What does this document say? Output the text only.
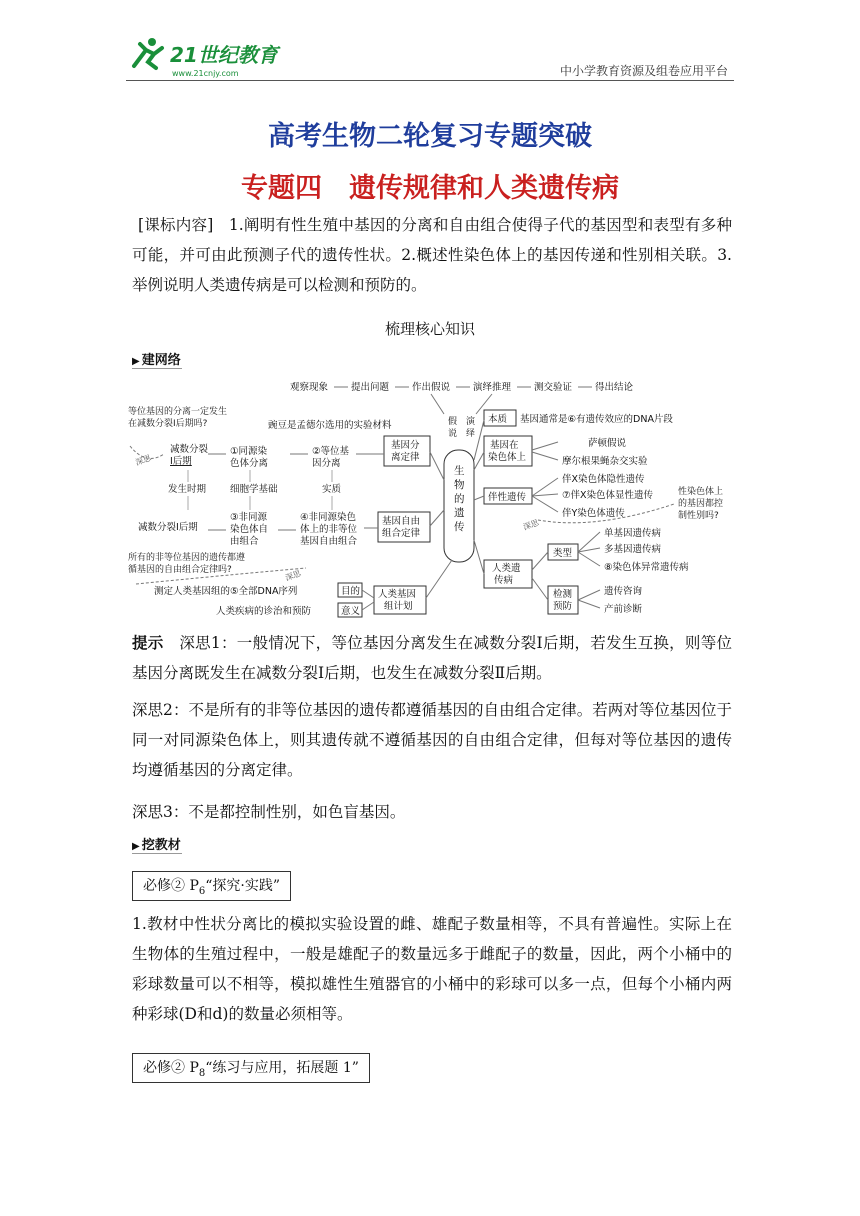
21世纪教育
www.21cnjy.com	中小学教育资源及组卷应用平台
高考生物二轮复习专题突破
专题四　遗传规律和人类遗传病
[课标内容]  1.阐明有性生殖中基因的分离和自由组合使得子代的基因型和表型有多种可能，并可由此预测子代的遗传性状。2.概述性染色体上的基因传递和性别相关联。3.举例说明人类遗传病是可以检测和预防的。
梳理核心知识
▶ 建网络
观察现象 提出问题 作出假说 演绎推理 测交验证 得出结论
生物的遗传
假说
演绎
豌豆是孟德尔选用的实验材料
等位基因的分离一定发生在减数分裂Ⅰ后期吗?
深思
减数分裂 Ⅰ后期
①同源染色体分离
②等位基因分离
基因分离定律
发生时期	细胞学基础	实质
减数分裂Ⅰ后期
③非同源染色体自由组合
④非同源染色体上的非等位基因自由组合
基因自由组合定律
所有的非等位基因的遗传都遵循基因的自由组合定律吗?	深思
测定人类基因组的⑤全部DNA序列	目的
人类疾病的诊治和预防	意义
人类基因组计划
本质 基因通常是⑥有遗传效应的DNA片段
基因在染色体上
萨顿假说
摩尔根果蝇杂交实验
伴性遗传
伴X染色体隐性遗传
⑦伴X染色体显性遗传
伴Y染色体遗传
性染色体上的基因都控制性别吗?
深思
人类遗传病
类型
单基因遗传病
多基因遗传病
⑧染色体异常遗传病
检测预防
遗传咨询
产前诊断
提示  深思1：一般情况下，等位基因分离发生在减数分裂Ⅰ后期，若发生互换，则等位基因分离既发生在减数分裂Ⅰ后期，也发生在减数分裂Ⅱ后期。
深思2：不是所有的非等位基因的遗传都遵循基因的自由组合定律。若两对等位基因位于同一对同源染色体上，则其遗传就不遵循基因的自由组合定律，但每对等位基因的遗传均遵循基因的分离定律。
深思3：不是都控制性别，如色盲基因。
▶ 挖教材
必修② $P_6“$探究·实践”
1.教材中性状分离比的模拟实验设置的雌、雄配子数量相等，不具有普遍性。实际上在生物体的生殖过程中，一般是雄配子的数量远多于雌配子的数量，因此，两个小桶中的彩球数量可以不相等，模拟雄性生殖器官的小桶中的彩球可以多一点，但每个小桶内两种彩球(D和d)的数量必须相等。
必修② $P_8“$练习与应用，拓展题 1”
